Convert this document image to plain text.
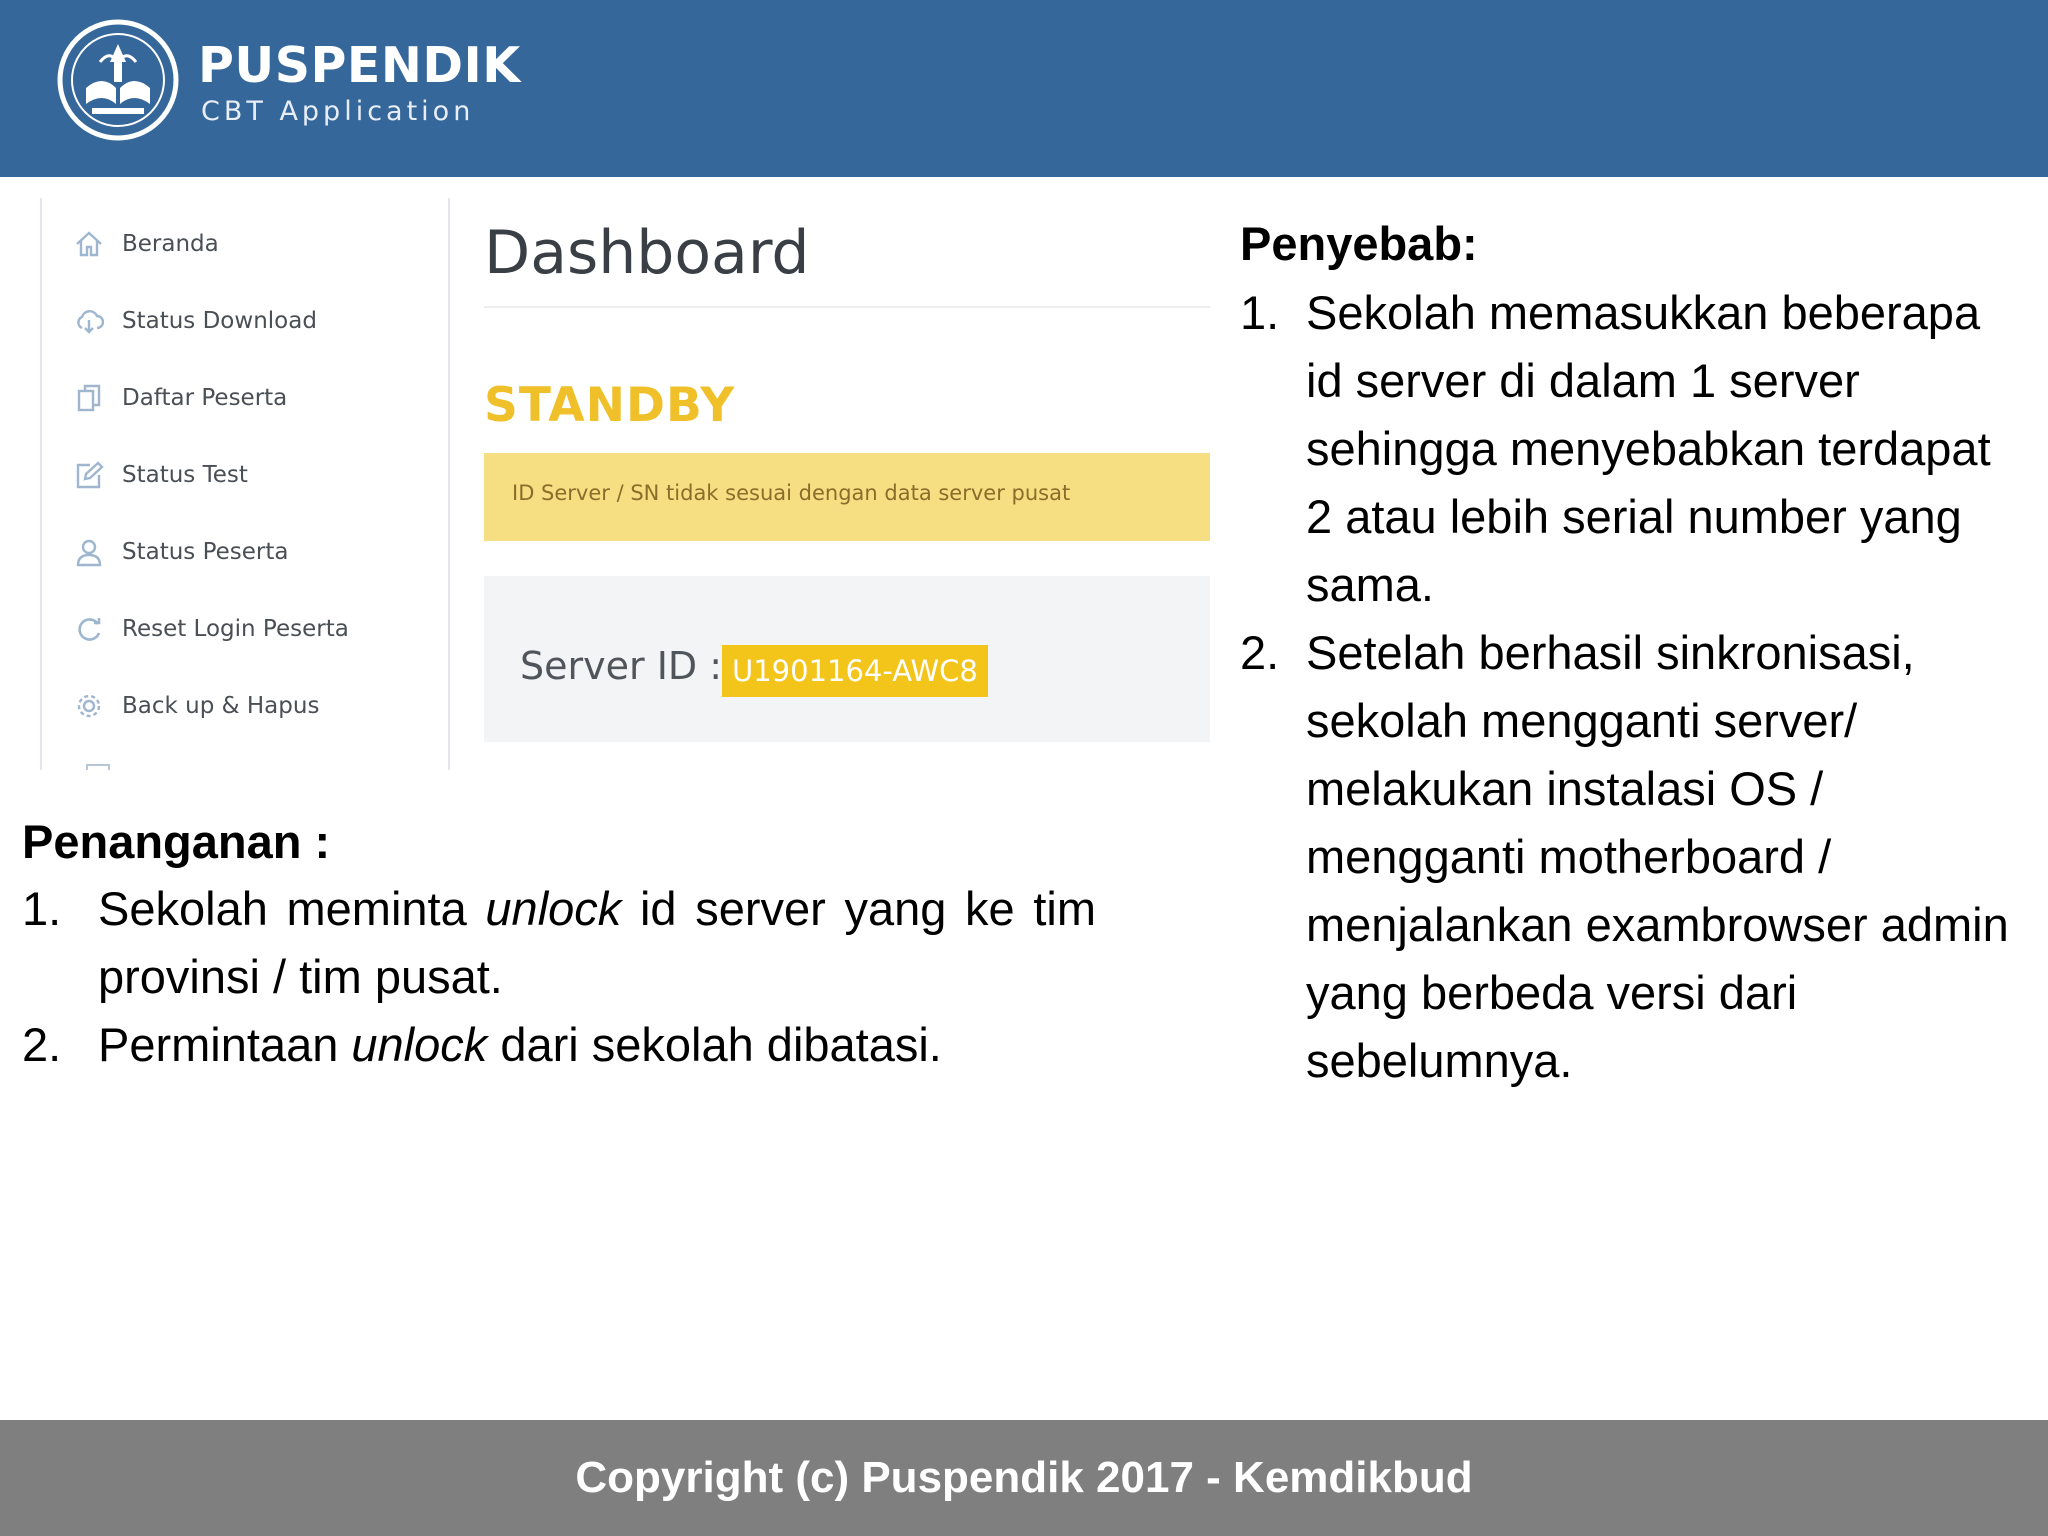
PUSPENDIK
CBT Application
Beranda
Status Download
Daftar Peserta
Status Test
Status Peserta
Reset Login Peserta
Back up & Hapus
Dashboard
STANDBY
ID Server / SN tidak sesuai dengan data server pusat
Server ID : U1901164-AWC8
Penyebab:
1. Sekolah memasukkan beberapa id server di dalam 1 server sehingga menyebabkan terdapat 2 atau lebih serial number yang sama.
2. Setelah berhasil sinkronisasi, sekolah mengganti server/ melakukan instalasi OS / mengganti motherboard / menjalankan exambrowser admin yang berbeda versi dari sebelumnya.
Penanganan :
1. Sekolah meminta unlock id server yang ke tim provinsi / tim pusat.
2. Permintaan unlock dari sekolah dibatasi.
Copyright (c) Puspendik 2017 - Kemdikbud
